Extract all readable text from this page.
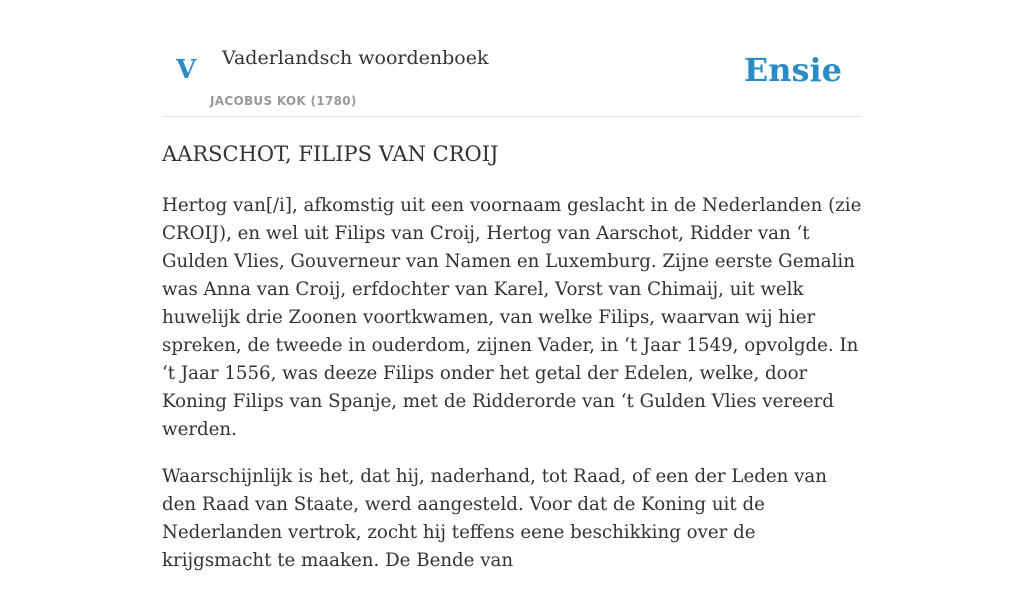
V Vaderlandsch woordenboek
JACOBUS KOK (1780)
Ensie
AARSCHOT, FILIPS VAN CROIJ

Hertog van[/i], afkomstig uit een voornaam geslacht in de Nederlanden (zie CROIJ), en wel uit Filips van Croij, Hertog van Aarschot, Ridder van ‘t Gulden Vlies, Gouverneur van Namen en Luxemburg. Zijne eerste Gemalin was Anna van Croij, erfdochter van Karel, Vorst van Chimaij, uit welk huwelijk drie Zoonen voortkwamen, van welke Filips, waarvan wij hier spreken, de tweede in ouderdom, zijnen Vader, in ‘t Jaar 1549, opvolgde. In ‘t Jaar 1556, was deeze Filips onder het getal der Edelen, welke, door Koning Filips van Spanje, met de Ridderorde van ‘t Gulden Vlies vereerd werden.

Waarschijnlijk is het, dat hij, naderhand, tot Raad, of een der Leden van den Raad van Staate, werd aangesteld. Voor dat de Koning uit de Nederlanden vertrok, zocht hij teffens eene beschikking over de krijgsmacht te maaken. De Bende van
